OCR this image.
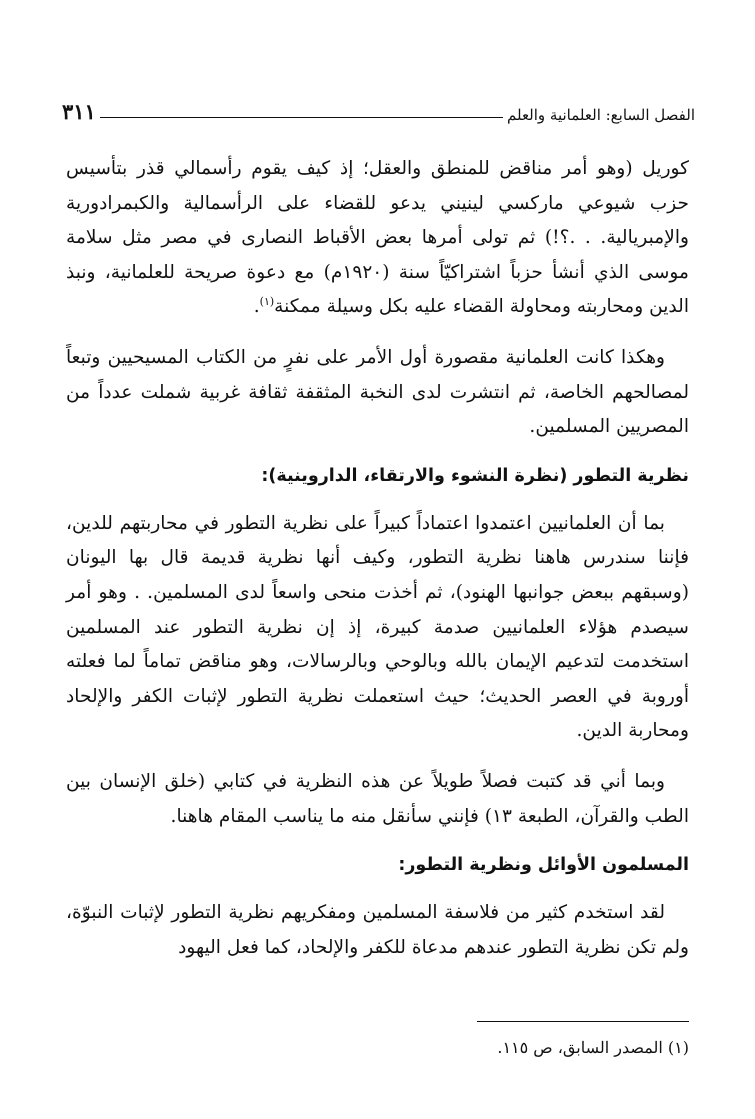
الفصل السابع: العلمانية والعلم
٣١١

كوريل (وهو أمر مناقض للمنطق والعقل؛ إذ كيف يقوم رأسمالي قذر بتأسيس حزب شيوعي ماركسي لينيني يدعو للقضاء على الرأسمالية والكبمرادورية والإمبريالية. . .؟!) ثم تولى أمرها بعض الأقباط النصارى في مصر مثل سلامة موسى الذي أنشأ حزباً اشتراكيّاً سنة (١٩٢٠م) مع دعوة صريحة للعلمانية، ونبذ الدين ومحاربته ومحاولة القضاء عليه بكل وسيلة ممكنة$^{(١)}$.

وهكذا كانت العلمانية مقصورة أول الأمر على نفرٍ من الكتاب المسيحيين وتبعاً لمصالحهم الخاصة، ثم انتشرت لدى النخبة المثقفة ثقافة غربية شملت عدداً من المصريين المسلمين.

نظرية التطور (نظرة النشوء والارتقاء، الداروينية):

بما أن العلمانيين اعتمدوا اعتماداً كبيراً على نظرية التطور في محاربتهم للدين، فإننا سندرس هاهنا نظرية التطور، وكيف أنها نظرية قديمة قال بها اليونان (وسبقهم ببعض جوانبها الهنود)، ثم أخذت منحى واسعاً لدى المسلمين. . وهو أمر سيصدم هؤلاء العلمانيين صدمة كبيرة، إذ إن نظرية التطور عند المسلمين استخدمت لتدعيم الإيمان بالله وبالوحي وبالرسالات، وهو مناقض تماماً لما فعلته أوروبة في العصر الحديث؛ حيث استعملت نظرية التطور لإثبات الكفر والإلحاد ومحاربة الدين.

وبما أني قد كتبت فصلاً طويلاً عن هذه النظرية في كتابي (خلق الإنسان بين الطب والقرآن، الطبعة ١٣) فإنني سأنقل منه ما يناسب المقام هاهنا.

المسلمون الأوائل ونظرية التطور:

لقد استخدم كثير من فلاسفة المسلمين ومفكريهم نظرية التطور لإثبات النبوّة، ولم تكن نظرية التطور عندهم مدعاة للكفر والإلحاد، كما فعل اليهود

(١) المصدر السابق، ص ١١٥.
